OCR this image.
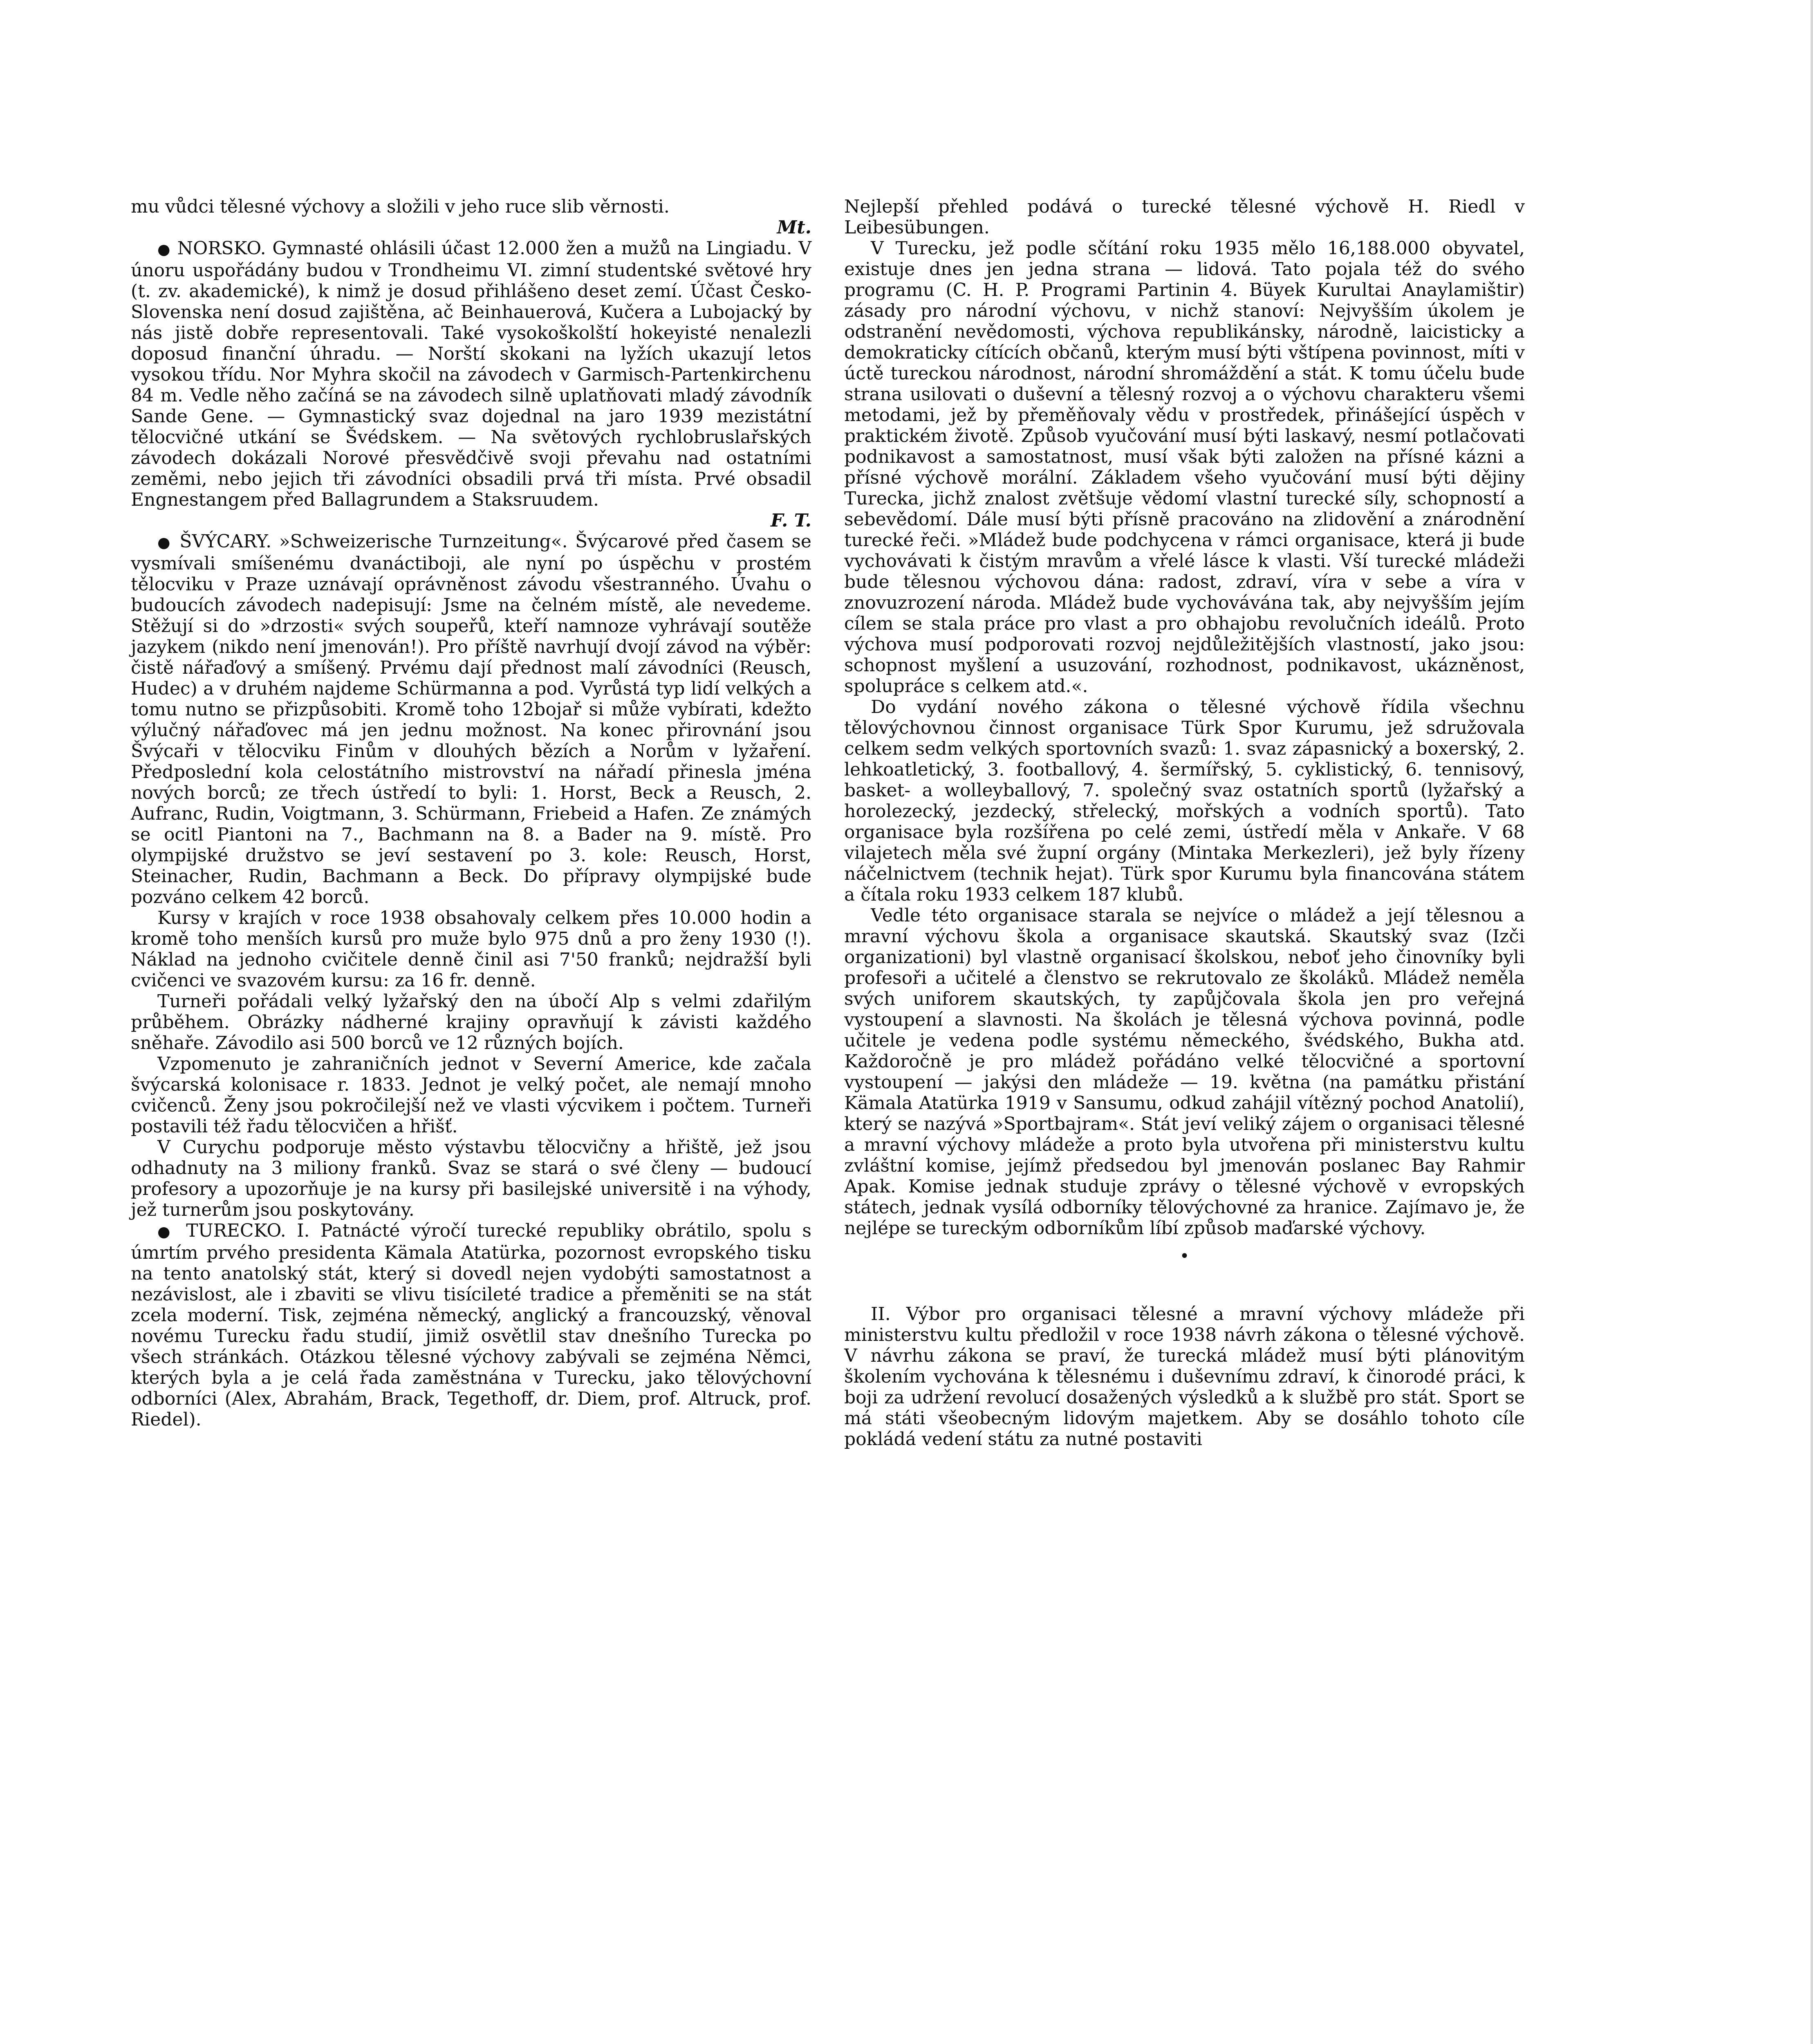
mu vůdci tělesné výchovy a složili v jeho ruce slib věrnosti.

Mt.

● NORSKO. Gymnasté ohlásili účast 12.000 žen a mužů na Lingiadu. V únoru uspořádány budou v Trondheimu VI. zimní studentské světové hry (t. zv. akademické), k nimž je dosud přihlášeno deset zemí. Účast Česko-Slovenska není dosud zajištěna, ač Beinhauerová, Kučera a Lubojacký by nás jistě dobře representovali. Také vysokoškolští hokeyisté nenalezli doposud finanční úhradu. — Norští skokani na lyžích ukazují letos vysokou třídu. Nor Myhra skočil na závodech v Garmisch-Partenkirchenu 84 m. Vedle něho začíná se na závodech silně uplatňovati mladý závodník Sande Gene. — Gymnastický svaz dojednal na jaro 1939 mezistátní tělocvičné utkání se Švédskem. — Na světových rychlobruslařských závodech dokázali Norové přesvědčivě svoji převahu nad ostatními zeměmi, nebo jejich tři závodníci obsadili prvá tři místa. Prvé obsadil Engnestangem před Ballagrundem a Staksruudem.

F. T.

● ŠVÝCARY. »Schweizerische Turnzeitung«. Švýcarové před časem se vysmívali smíšenému dvanáctiboji, ale nyní po úspěchu v prostém tělocviku v Praze uznávají oprávněnost závodu všestranného. Úvahu o budoucích závodech nadepisují: Jsme na čelném místě, ale nevedeme. Stěžují si do »drzosti« svých soupeřů, kteří namnoze vyhrávají soutěže jazykem (nikdo není jmenován!). Pro příště navrhují dvojí závod na výběr: čistě nářaďový a smíšený. Prvému dají přednost malí závodníci (Reusch, Hudec) a v druhém najdeme Schürmanna a pod. Vyrůstá typ lidí velkých a tomu nutno se přizpůsobiti. Kromě toho 12bojař si může vybírati, kdežto výlučný nářaďovec má jen jednu možnost. Na konec přirovnání jsou Švýcaři v tělocviku Finům v dlouhých bězích a Norům v lyžaření. Předposlední kola celostátního mistrovství na nářadí přinesla jména nových borců; ze třech ústředí to byli: 1. Horst, Beck a Reusch, 2. Aufranc, Rudin, Voigtmann, 3. Schürmann, Friebeid a Hafen. Ze známých se ocitl Piantoni na 7., Bachmann na 8. a Bader na 9. místě. Pro olympijské družstvo se jeví sestavení po 3. kole: Reusch, Horst, Steinacher, Rudin, Bachmann a Beck. Do přípravy olympijské bude pozváno celkem 42 borců.

Kursy v krajích v roce 1938 obsahovaly celkem přes 10.000 hodin a kromě toho menších kursů pro muže bylo 975 dnů a pro ženy 1930 (!). Náklad na jednoho cvičitele denně činil asi 7'50 franků; nejdražší byli cvičenci ve svazovém kursu: za 16 fr. denně.

Turneři pořádali velký lyžařský den na úbočí Alp s velmi zdařilým průběhem. Obrázky nádherné krajiny opravňují k závisti každého sněhaře. Závodilo asi 500 borců ve 12 různých bojích.

Vzpomenuto je zahraničních jednot v Severní Americe, kde začala švýcarská kolonisace r. 1833. Jednot je velký počet, ale nemají mnoho cvičenců. Ženy jsou pokročilejší než ve vlasti výcvikem i počtem. Turneři postavili též řadu tělocvičen a hřišť.

V Curychu podporuje město výstavbu tělocvičny a hřiště, jež jsou odhadnuty na 3 miliony franků. Svaz se stará o své členy — budoucí profesory a upozorňuje je na kursy při basilejské universitě i na výhody, jež turnerům jsou poskytovány.

● TURECKO. I. Patnácté výročí turecké republiky obrátilo, spolu s úmrtím prvého presidenta Kämala Atatürka, pozornost evropského tisku na tento anatolský stát, který si dovedl nejen vydobýti samostatnost a nezávislost, ale i zbaviti se vlivu tisícileté tradice a přeměniti se na stát zcela moderní. Tisk, zejména německý, anglický a francouzský, věnoval novému Turecku řadu studií, jimiž osvětlil stav dnešního Turecka po všech stránkách. Otázkou tělesné výchovy zabývali se zejména Němci, kterých byla a je celá řada zaměstnána v Turecku, jako tělovýchovní odborníci (Alex, Abrahám, Brack, Tegethoff, dr. Diem, prof. Altruck, prof. Riedel).

Nejlepší přehled podává o turecké tělesné výchově H. Riedl v Leibesübungen.

V Turecku, jež podle sčítání roku 1935 mělo 16,188.000 obyvatel, existuje dnes jen jedna strana — lidová. Tato pojala též do svého programu (C. H. P. Programi Partinin 4. Büyek Kurultai Anaylamištir) zásady pro národní výchovu, v nichž stanoví: Nejvyšším úkolem je odstranění nevědomosti, výchova republikánsky, národně, laicisticky a demokraticky cítících občanů, kterým musí býti vštípena povinnost, míti v úctě tureckou národnost, národní shromáždění a stát. K tomu účelu bude strana usilovati o duševní a tělesný rozvoj a o výchovu charakteru všemi metodami, jež by přeměňovaly vědu v prostředek, přinášející úspěch v praktickém životě. Způsob vyučování musí býti laskavý, nesmí potlačovati podnikavost a samostatnost, musí však býti založen na přísné kázni a přísné výchově morální. Základem všeho vyučování musí býti dějiny Turecka, jichž znalost zvětšuje vědomí vlastní turecké síly, schopností a sebevědomí. Dále musí býti přísně pracováno na zlidovění a znárodnění turecké řeči. »Mládež bude podchycena v rámci organisace, která ji bude vychovávati k čistým mravům a vřelé lásce k vlasti. Vší turecké mládeži bude tělesnou výchovou dána: radost, zdraví, víra v sebe a víra v znovuzrození národa. Mládež bude vychovávána tak, aby nejvyšším jejím cílem se stala práce pro vlast a pro obhajobu revolučních ideálů. Proto výchova musí podporovati rozvoj nejdůležitějších vlastností, jako jsou: schopnost myšlení a usuzování, rozhodnost, podnikavost, ukázněnost, spolupráce s celkem atd.«.

Do vydání nového zákona o tělesné výchově řídila všechnu tělovýchovnou činnost organisace Türk Spor Kurumu, jež sdružovala celkem sedm velkých sportovních svazů: 1. svaz zápasnický a boxerský, 2. lehkoatletický, 3. footballový, 4. šermířský, 5. cyklistický, 6. tennisový, basket- a wolleyballový, 7. společný svaz ostatních sportů (lyžařský a horolezecký, jezdecký, střelecký, mořských a vodních sportů). Tato organisace byla rozšířena po celé zemi, ústředí měla v Ankaře. V 68 vilajetech měla své župní orgány (Mintaka Merkezleri), jež byly řízeny náčelnictvem (technik hejat). Türk spor Kurumu byla financována státem a čítala roku 1933 celkem 187 klubů.

Vedle této organisace starala se nejvíce o mládež a její tělesnou a mravní výchovu škola a organisace skautská. Skautský svaz (Izči organizationi) byl vlastně organisací školskou, neboť jeho činovníky byli profesoři a učitelé a členstvo se rekrutovalo ze školáků. Mládež neměla svých uniforem skautských, ty zapůjčovala škola jen pro veřejná vystoupení a slavnosti. Na školách je tělesná výchova povinná, podle učitele je vedena podle systému německého, švédského, Bukha atd. Každoročně je pro mládež pořádáno velké tělocvičné a sportovní vystoupení — jakýsi den mládeže — 19. května (na památku přistání Kämala Atatürka 1919 v Sansumu, odkud zahájil vítězný pochod Anatolií), který se nazývá »Sportbajram«. Stát jeví veliký zájem o organisaci tělesné a mravní výchovy mládeže a proto byla utvořena při ministerstvu kultu zvláštní komise, jejímž předsedou byl jmenován poslanec Bay Rahmir Apak. Komise jednak studuje zprávy o tělesné výchově v evropských státech, jednak vysílá odborníky tělovýchovné za hranice. Zajímavo je, že nejlépe se tureckým odborníkům líbí způsob maďarské výchovy.

•

II. Výbor pro organisaci tělesné a mravní výchovy mládeže při ministerstvu kultu předložil v roce 1938 návrh zákona o tělesné výchově. V návrhu zákona se praví, že turecká mládež musí býti plánovitým školením vychována k tělesnému i duševnímu zdraví, k činorodé práci, k boji za udržení revolucí dosažených výsledků a k službě pro stát. Sport se má státi všeobecným lidovým majetkem. Aby se dosáhlo tohoto cíle pokládá vedení státu za nutné postaviti
